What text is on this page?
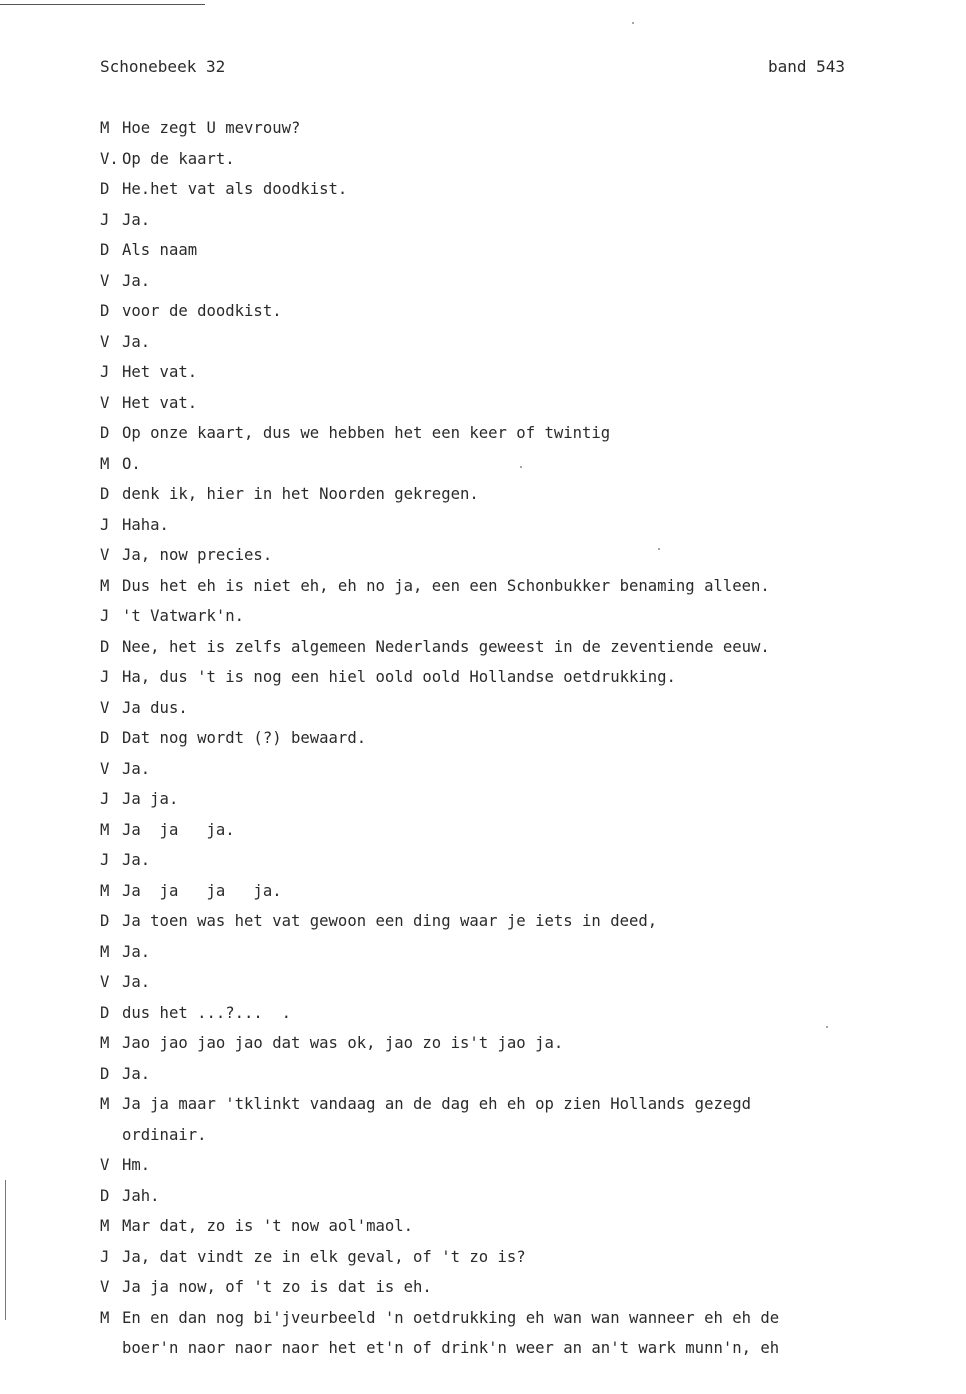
Schonebeek 32	band 543
M Hoe zegt U mevrouw?
V. Op de kaart.
D He.het vat als doodkist.
J Ja.
D Als naam
V Ja.
D voor de doodkist.
V Ja.
J Het vat.
V Het vat.
D Op onze kaart, dus we hebben het een keer of twintig
M O.
D denk ik, hier in het Noorden gekregen.
J Haha.
V Ja, now precies.
M Dus het eh is niet eh, eh no ja, een een Schonbukker benaming alleen.
J 't Vatwark'n.
D Nee, het is zelfs algemeen Nederlands geweest in de zeventiende eeuw.
J Ha, dus 't is nog een hiel oold oold Hollandse oetdrukking.
V Ja dus.
D Dat nog wordt (?) bewaard.
V Ja.
J Ja ja.
M Ja  ja   ja.
J Ja.
M Ja  ja   ja   ja.
D Ja toen was het vat gewoon een ding waar je iets in deed,
M Ja.
V Ja.
D dus het ...?...  .
M Jao jao jao jao dat was ok, jao zo is't jao ja.
D Ja.
M Ja ja maar 'tklinkt vandaag an de dag eh eh op zien Hollands gezegd
ordinair.
V Hm.
D Jah.
M Mar dat, zo is 't now aol'maol.
J Ja, dat vindt ze in elk geval, of 't zo is?
V Ja ja now, of 't zo is dat is eh.
M En en dan nog bi'jveurbeeld 'n oetdrukking eh wan wan wanneer eh eh de
boer'n naor naor naor het et'n of drink'n weer an an't wark munn'n, eh
